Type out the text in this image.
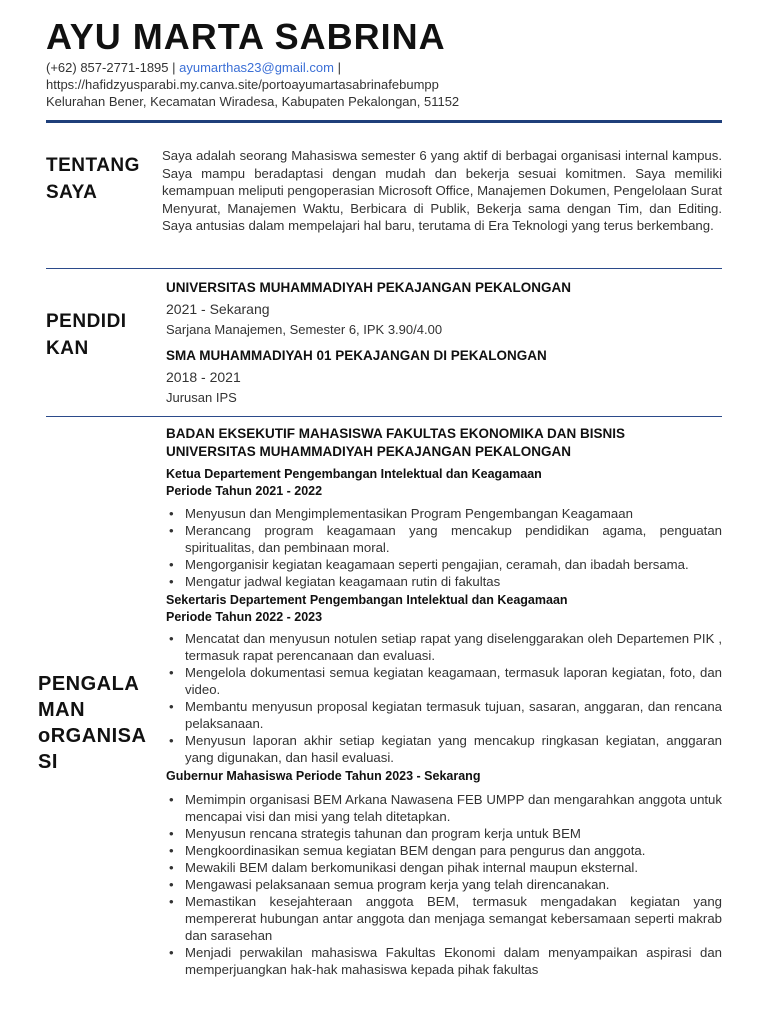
AYU MARTA SABRINA
(+62) 857-2771-1895 | ayumarthas23@gmail.com |
https://hafidzyusparabi.my.canva.site/portoayumartasabrinafebumpp
Kelurahan Bener, Kecamatan Wiradesa, Kabupaten Pekalongan, 51152
TENTANG
SAYA
Saya adalah seorang Mahasiswa semester 6 yang aktif di berbagai organisasi internal kampus. Saya mampu beradaptasi dengan mudah dan bekerja sesuai komitmen. Saya memiliki kemampuan meliputi pengoperasian Microsoft Office, Manajemen Dokumen, Pengelolaan Surat Menyurat, Manajemen Waktu, Berbicara di Publik, Bekerja sama dengan Tim, dan Editing. Saya antusias dalam mempelajari hal baru, terutama di Era Teknologi yang terus berkembang.
PENDIDI
KAN
UNIVERSITAS MUHAMMADIYAH PEKAJANGAN PEKALONGAN
2021 - Sekarang
Sarjana Manajemen, Semester 6, IPK 3.90/4.00
SMA MUHAMMADIYAH 01 PEKAJANGAN DI PEKALONGAN
2018 - 2021
Jurusan IPS
PENGALA
MAN
oRGANISA
SI
BADAN EKSEKUTIF MAHASISWA FAKULTAS EKONOMIKA DAN BISNIS
UNIVERSITAS MUHAMMADIYAH PEKAJANGAN PEKALONGAN
Ketua Departement Pengembangan Intelektual dan Keagamaan
Periode Tahun 2021 - 2022
• Menyusun dan Mengimplementasikan Program Pengembangan Keagamaan
• Merancang program keagamaan yang mencakup pendidikan agama, penguatan spiritualitas, dan pembinaan moral.
• Mengorganisir kegiatan keagamaan seperti pengajian, ceramah, dan ibadah bersama.
• Mengatur jadwal kegiatan keagamaan rutin di fakultas
Sekertaris Departement Pengembangan Intelektual dan Keagamaan
Periode Tahun 2022 - 2023
• Mencatat dan menyusun notulen setiap rapat yang diselenggarakan oleh Departemen PIK , termasuk rapat perencanaan dan evaluasi.
• Mengelola dokumentasi semua kegiatan keagamaan, termasuk laporan kegiatan, foto, dan video.
• Membantu menyusun proposal kegiatan termasuk tujuan, sasaran, anggaran, dan rencana pelaksanaan.
• Menyusun laporan akhir setiap kegiatan yang mencakup ringkasan kegiatan, anggaran yang digunakan, dan hasil evaluasi.
Gubernur Mahasiswa Periode Tahun 2023 - Sekarang
• Memimpin organisasi BEM Arkana Nawasena FEB UMPP dan mengarahkan anggota untuk mencapai visi dan misi yang telah ditetapkan.
• Menyusun rencana strategis tahunan dan program kerja untuk BEM
• Mengkoordinasikan semua kegiatan BEM dengan para pengurus dan anggota.
• Mewakili BEM dalam berkomunikasi dengan pihak internal maupun eksternal.
• Mengawasi pelaksanaan semua program kerja yang telah direncanakan.
• Memastikan kesejahteraan anggota BEM, termasuk mengadakan kegiatan yang mempererat hubungan antar anggota dan menjaga semangat kebersamaan seperti makrab dan sarasehan
• Menjadi perwakilan mahasiswa Fakultas Ekonomi dalam menyampaikan aspirasi dan memperjuangkan hak-hak mahasiswa kepada pihak fakultas
